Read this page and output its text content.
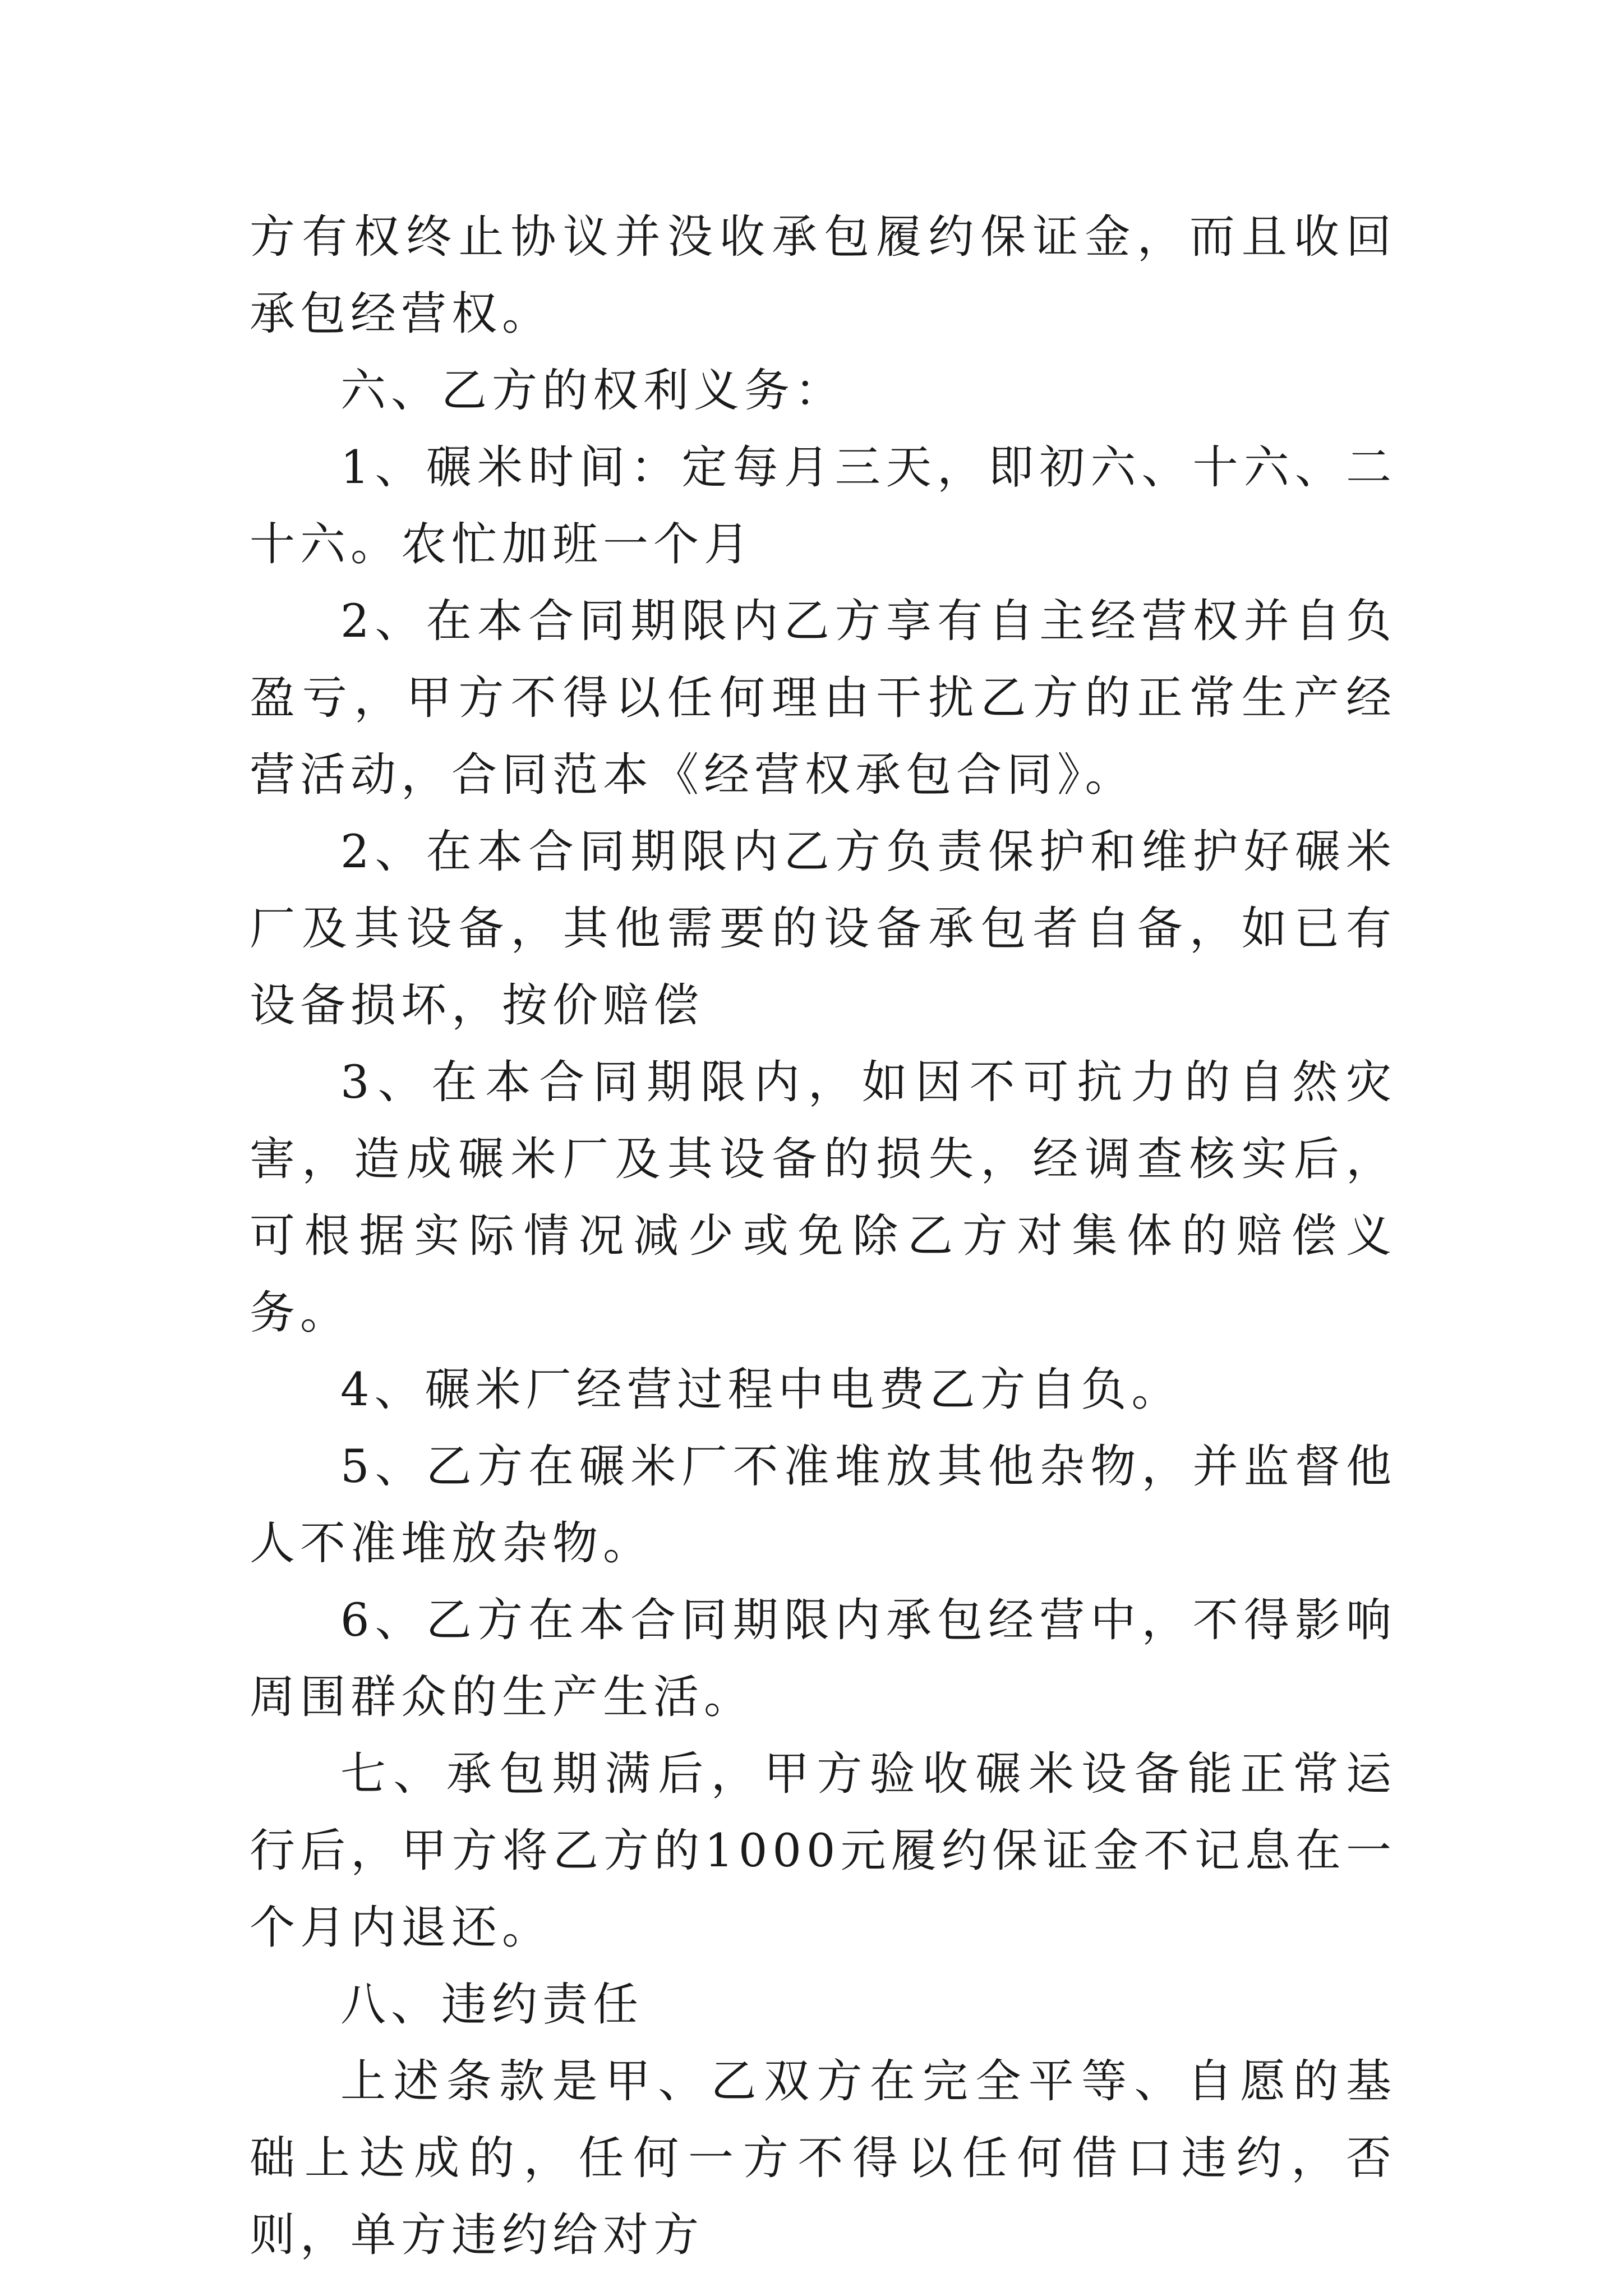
方有权终止协议并没收承包履约保证金，而且收回承包经营权。

六、乙方的权利义务：

1、碾米时间：定每月三天，即初六、十六、二十六。农忙加班一个月

2、在本合同期限内乙方享有自主经营权并自负盈亏，甲方不得以任何理由干扰乙方的正常生产经营活动，合同范本《经营权承包合同》。

2、在本合同期限内乙方负责保护和维护好碾米厂及其设备，其他需要的设备承包者自备，如已有设备损坏，按价赔偿

3、在本合同期限内，如因不可抗力的自然灾害，造成碾米厂及其设备的损失，经调查核实后，可根据实际情况减少或免除乙方对集体的赔偿义务。

4、碾米厂经营过程中电费乙方自负。

5、乙方在碾米厂不准堆放其他杂物，并监督他人不准堆放杂物。

6、乙方在本合同期限内承包经营中，不得影响周围群众的生产生活。

七、承包期满后，甲方验收碾米设备能正常运行后，甲方将乙方的1000元履约保证金不记息在一个月内退还。

八、违约责任

上述条款是甲、乙双方在完全平等、自愿的基础上达成的，任何一方不得以任何借口违约，否则，单方违约给对方
